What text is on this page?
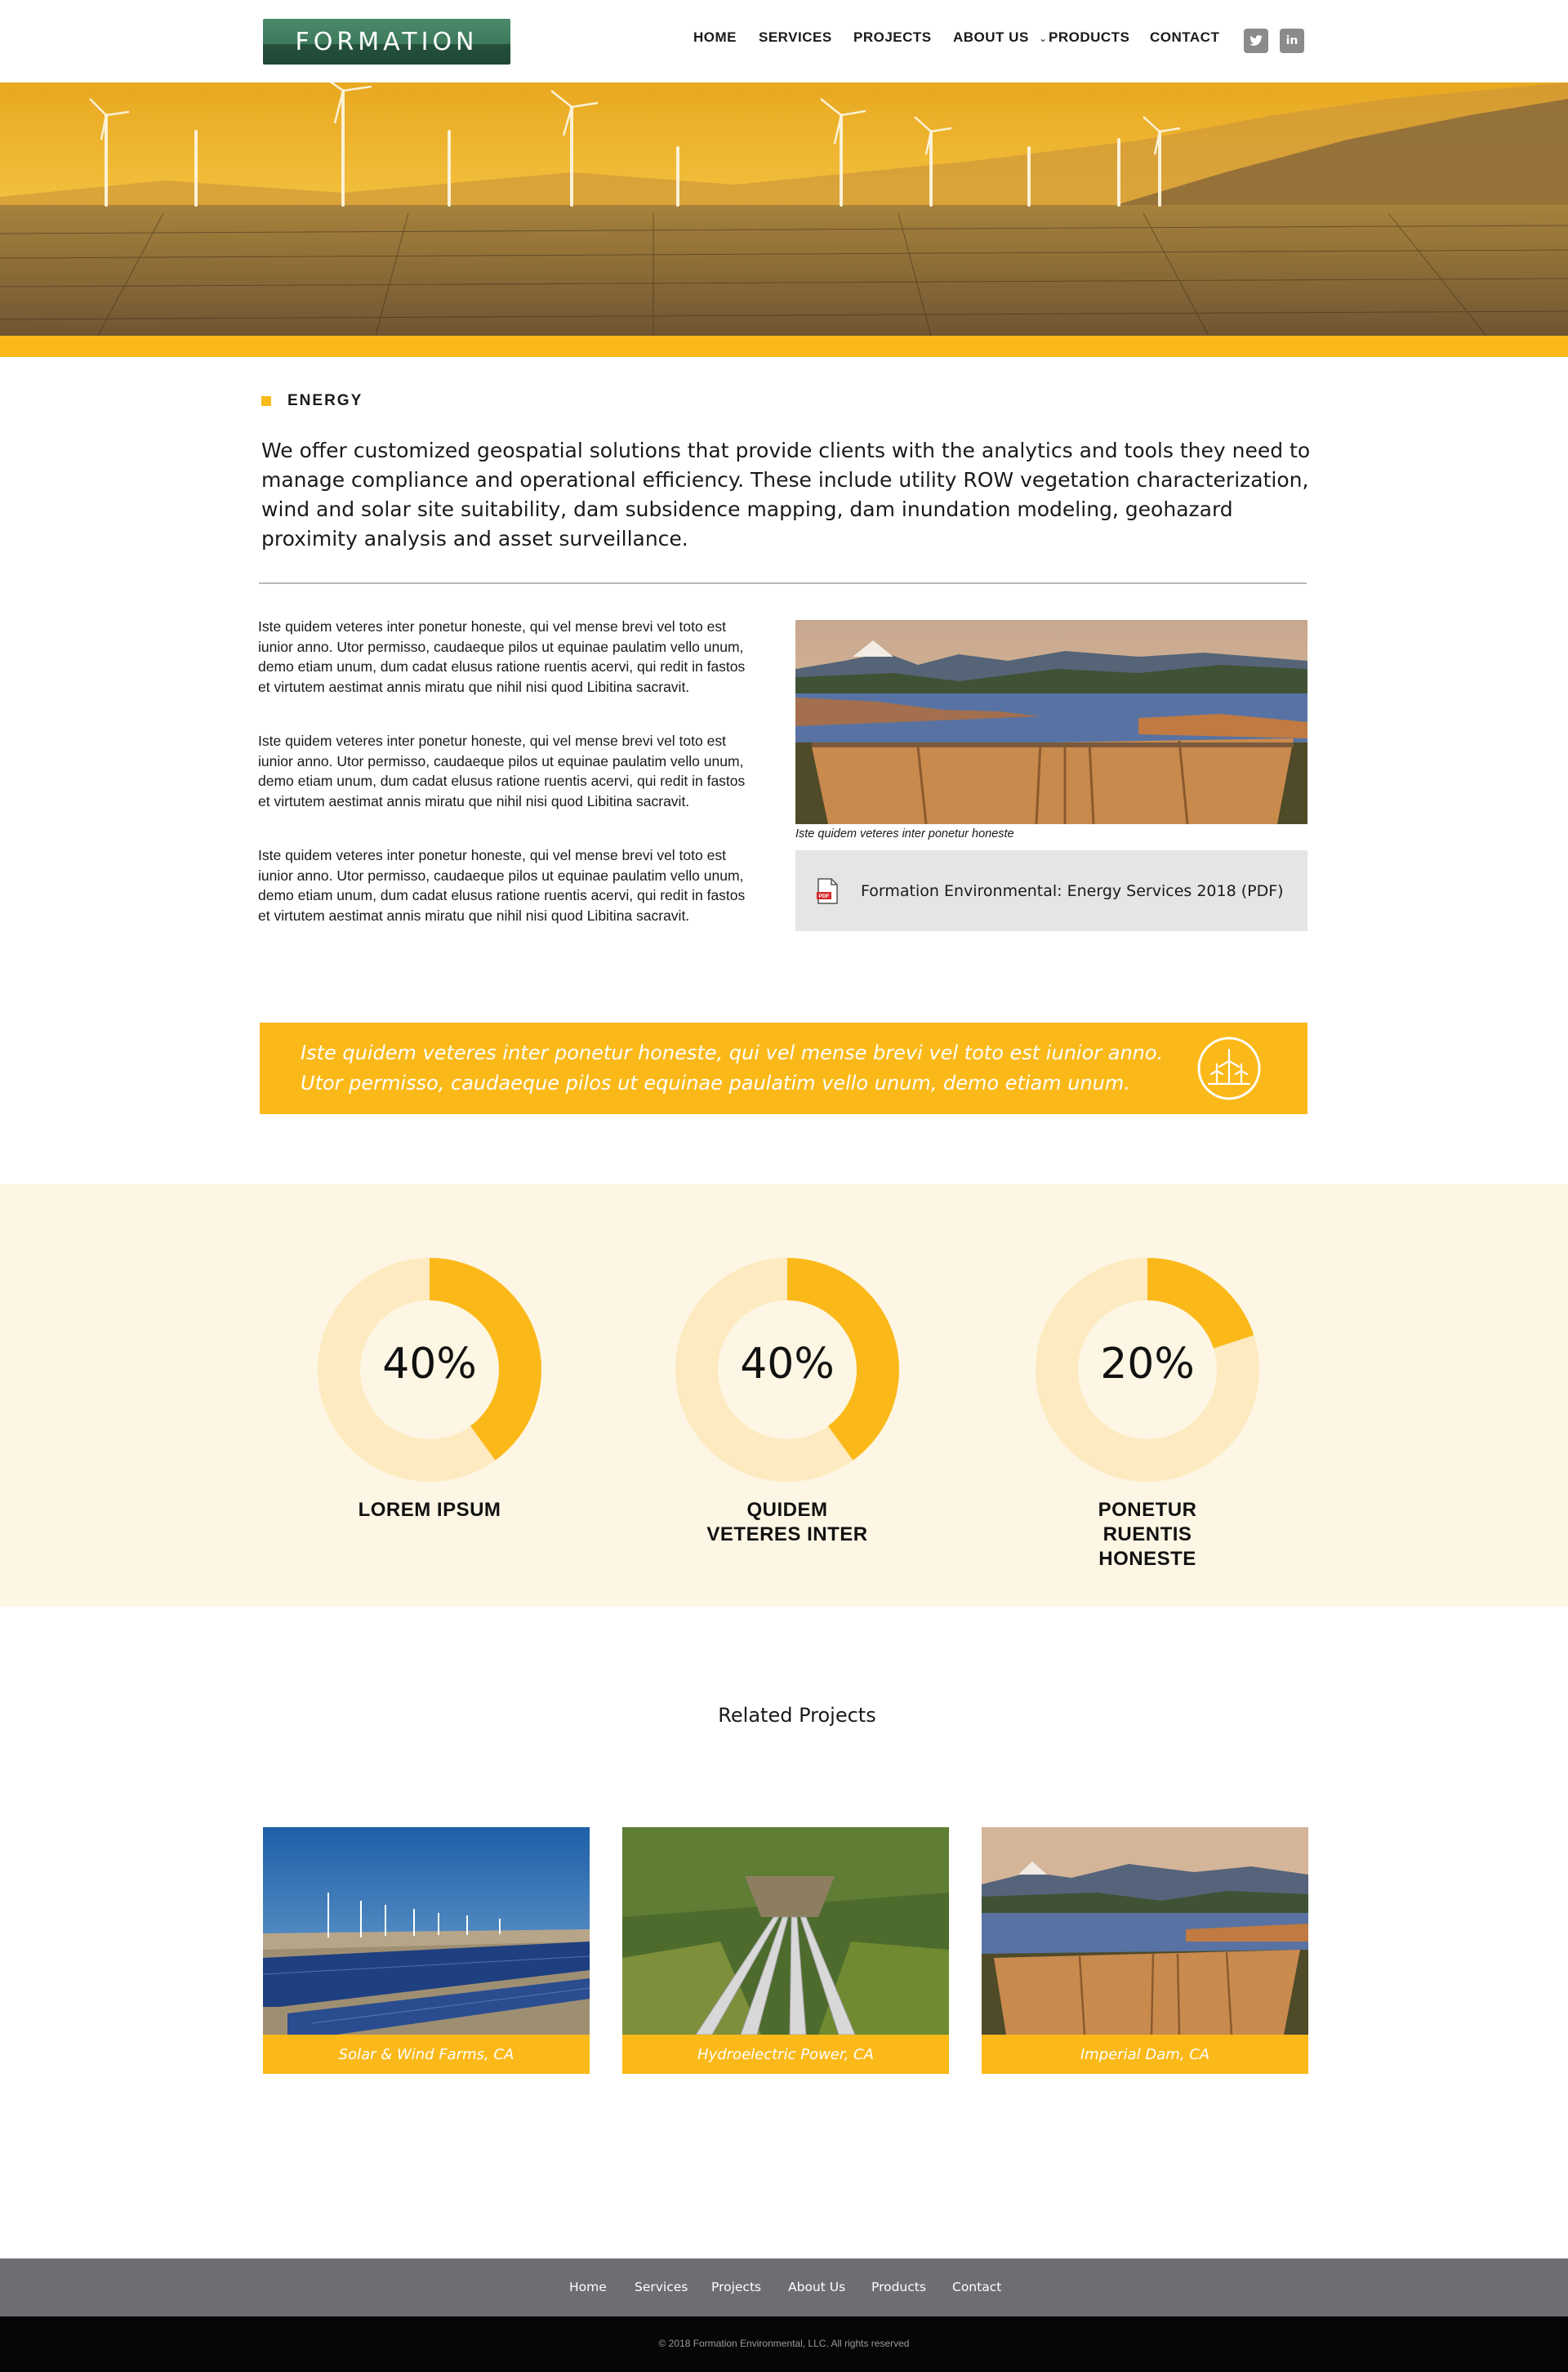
FORMATION	HOME SERVICES PROJECTS ABOUT US ⌄ PRODUCTS CONTACT	in
ENERGY
We offer customized geospatial solutions that provide clients with the analytics and tools they need to manage compliance and operational efficiency. These include utility ROW vegetation characterization, wind and solar site suitability, dam subsidence mapping, dam inundation modeling, geohazard proximity analysis and asset surveillance.

Iste quidem veteres inter ponetur honeste, qui vel mense brevi vel toto est iunior anno. Utor permisso, caudaeque pilos ut equinae paulatim vello unum, demo etiam unum, dum cadat elusus ratione ruentis acervi, qui redit in fastos et virtutem aestimat annis miratu que nihil nisi quod Libitina sacravit.

Iste quidem veteres inter ponetur honeste, qui vel mense brevi vel toto est iunior anno. Utor permisso, caudaeque pilos ut equinae paulatim vello unum, demo etiam unum, dum cadat elusus ratione ruentis acervi, qui redit in fastos et virtutem aestimat annis miratu que nihil nisi quod Libitina sacravit.

Iste quidem veteres inter ponetur honeste, qui vel mense brevi vel toto est iunior anno. Utor permisso, caudaeque pilos ut equinae paulatim vello unum, demo etiam unum, dum cadat elusus ratione ruentis acervi, qui redit in fastos et virtutem aestimat annis miratu que nihil nisi quod Libitina sacravit.

Iste quidem veteres inter ponetur honeste
PDF Formation Environmental: Energy Services 2018 (PDF)
Iste quidem veteres inter ponetur honeste, qui vel mense brevi vel toto est iunior anno. Utor permisso, caudaeque pilos ut equinae paulatim vello unum, demo etiam unum.
40%
LOREM IPSUM
40%
QUIDEM VETERES INTER
20%
PONETUR RUENTIS HONESTE
Related Projects
Solar & Wind Farms, CA	Hydroelectric Power, CA	Imperial Dam, CA
Home Services Projects About Us Products Contact
© 2018 Formation Environmental, LLC. All rights reserved
